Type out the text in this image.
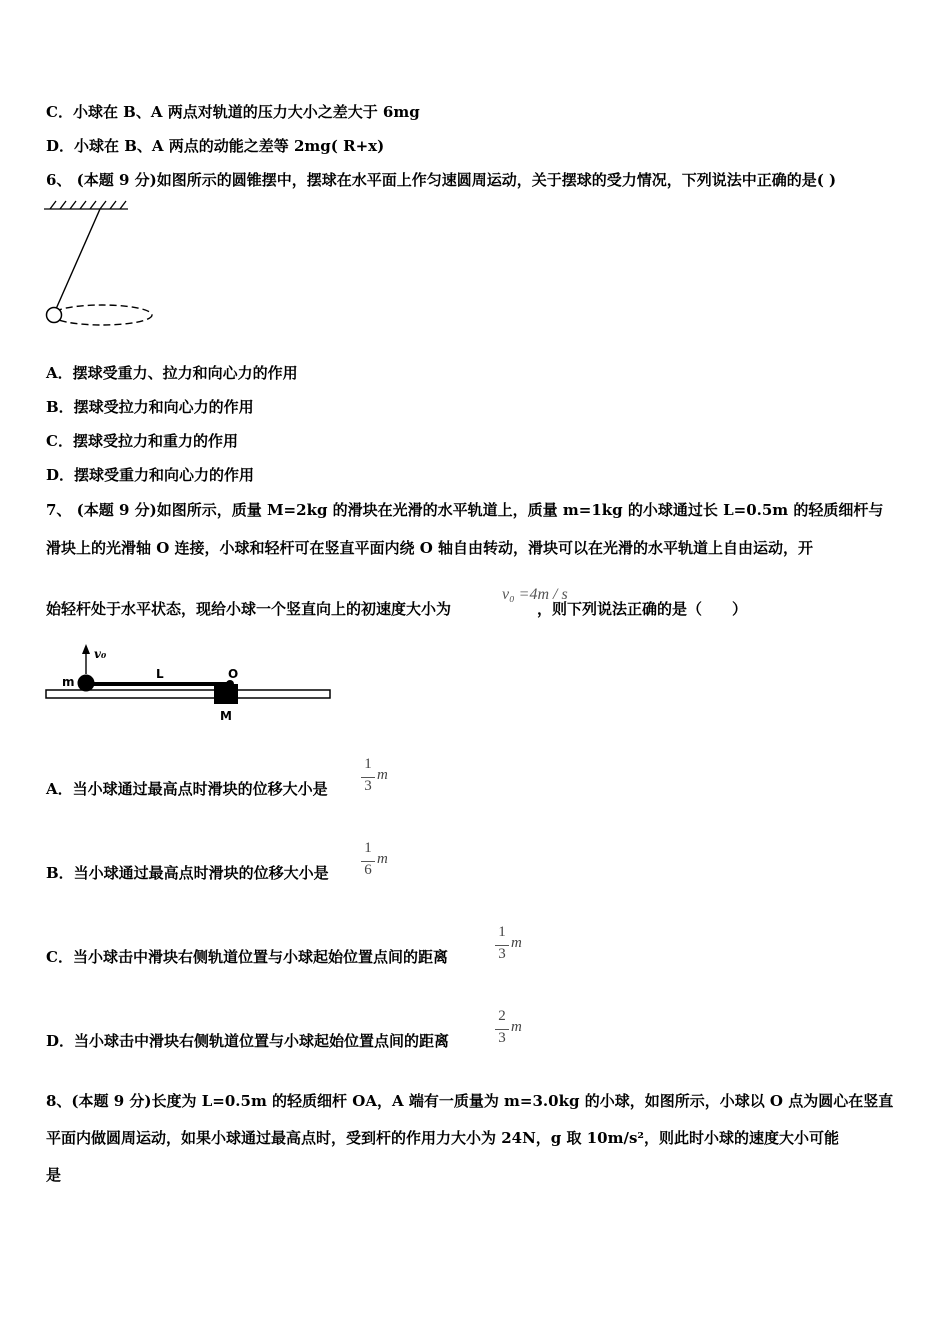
C．小球在 B、A 两点对轨道的压力大小之差大于 6mg
D．小球在 B、A 两点的动能之差等 2mg( R+x)
6、 (本题 9 分)如图所示的圆锥摆中，摆球在水平面上作匀速圆周运动，关于摆球的受力情况，下列说法中正确的是( )
A．摆球受重力、拉力和向心力的作用
B．摆球受拉力和向心力的作用
C．摆球受拉力和重力的作用
D．摆球受重力和向心力的作用
7、 (本题 9 分)如图所示，质量 M=2kg 的滑块在光滑的水平轨道上，质量 m=1kg 的小球通过长 L=0.5m 的轻质细杆与
滑块上的光滑轴 O 连接，小球和轻杆可在竖直平面内绕 O 轴自由转动，滑块可以在光滑的水平轨道上自由运动，开
始轻杆处于水平状态，现给小球一个竖直向上的初速度大小为	，则下列说法正确的是（　　）
v₀ =4m / s
v₀
m
L	O
M
A．当小球通过最高点时滑块的位移大小是
1
3
m
B．当小球通过最高点时滑块的位移大小是
1
6
m
C．当小球击中滑块右侧轨道位置与小球起始位置点间的距离
1
3
m
D．当小球击中滑块右侧轨道位置与小球起始位置点间的距离
2
3
m
8、(本题 9 分)长度为 L=0.5m 的轻质细杆 OA，A 端有一质量为 m=3.0kg 的小球，如图所示，小球以 O 点为圆心在竖直
平面内做圆周运动，如果小球通过最高点时，受到杆的作用力大小为 24N，g 取 10m/s²，则此时小球的速度大小可能
是
